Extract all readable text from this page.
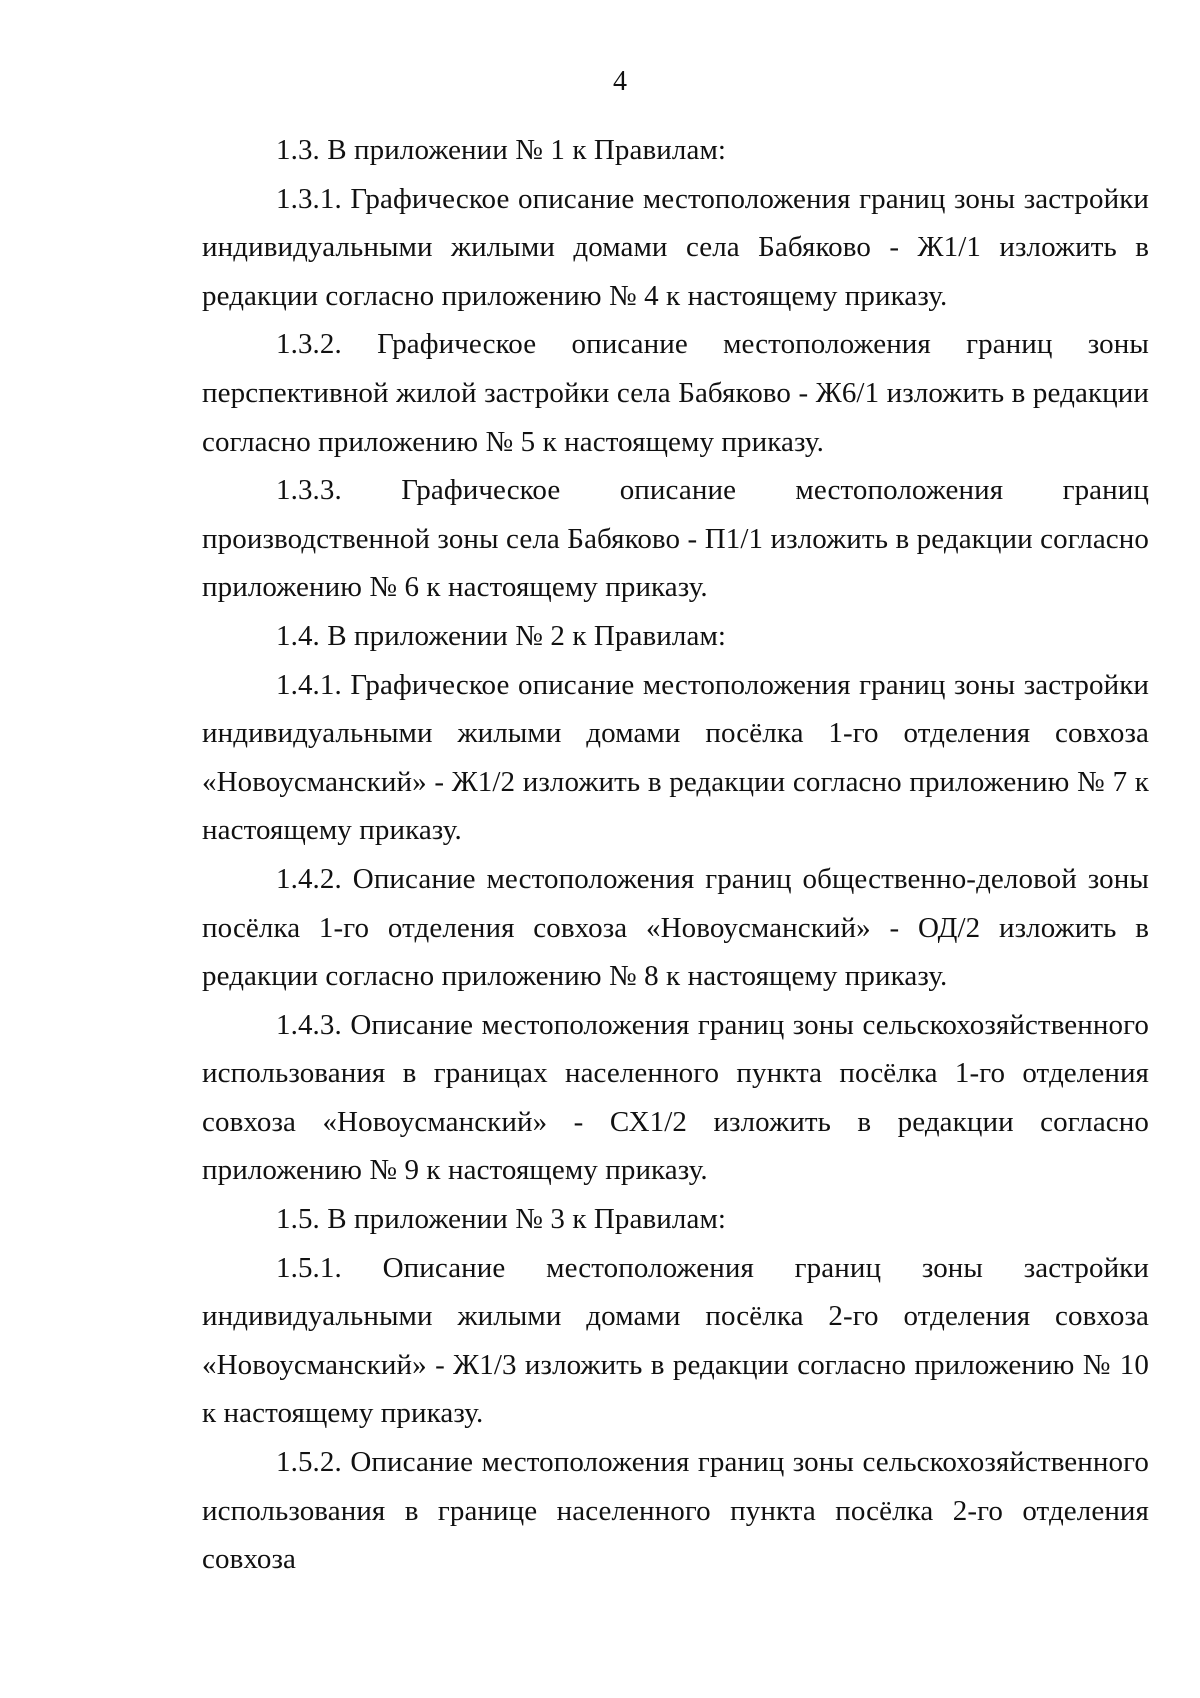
4

1.3. В приложении № 1 к Правилам:

1.3.1. Графическое описание местоположения границ зоны застройки индивидуальными жилыми домами села Бабяково - Ж1/1 изложить в редакции согласно приложению № 4 к настоящему приказу.

1.3.2. Графическое описание местоположения границ зоны перспективной жилой застройки села Бабяково - Ж6/1 изложить в редакции согласно приложению № 5 к настоящему приказу.

1.3.3. Графическое описание местоположения границ производственной зоны села Бабяково - П1/1 изложить в редакции согласно приложению № 6 к настоящему приказу.

1.4. В приложении № 2 к Правилам:

1.4.1. Графическое описание местоположения границ зоны застройки индивидуальными жилыми домами посёлка 1-го отделения совхоза «Новоусманский» - Ж1/2 изложить в редакции согласно приложению № 7 к настоящему приказу.

1.4.2. Описание местоположения границ общественно-деловой зоны посёлка 1-го отделения совхоза «Новоусманский» - ОД/2 изложить в редакции согласно приложению № 8 к настоящему приказу.

1.4.3. Описание местоположения границ зоны сельскохозяйственного использования в границах населенного пункта посёлка 1-го отделения совхоза «Новоусманский» - СХ1/2 изложить в редакции согласно приложению № 9 к настоящему приказу.

1.5. В приложении № 3 к Правилам:

1.5.1. Описание местоположения границ зоны застройки индивидуальными жилыми домами посёлка 2-го отделения совхоза «Новоусманский» - Ж1/3 изложить в редакции согласно приложению № 10 к настоящему приказу.

1.5.2. Описание местоположения границ зоны сельскохозяйственного использования в границе населенного пункта посёлка 2-го отделения совхоза
